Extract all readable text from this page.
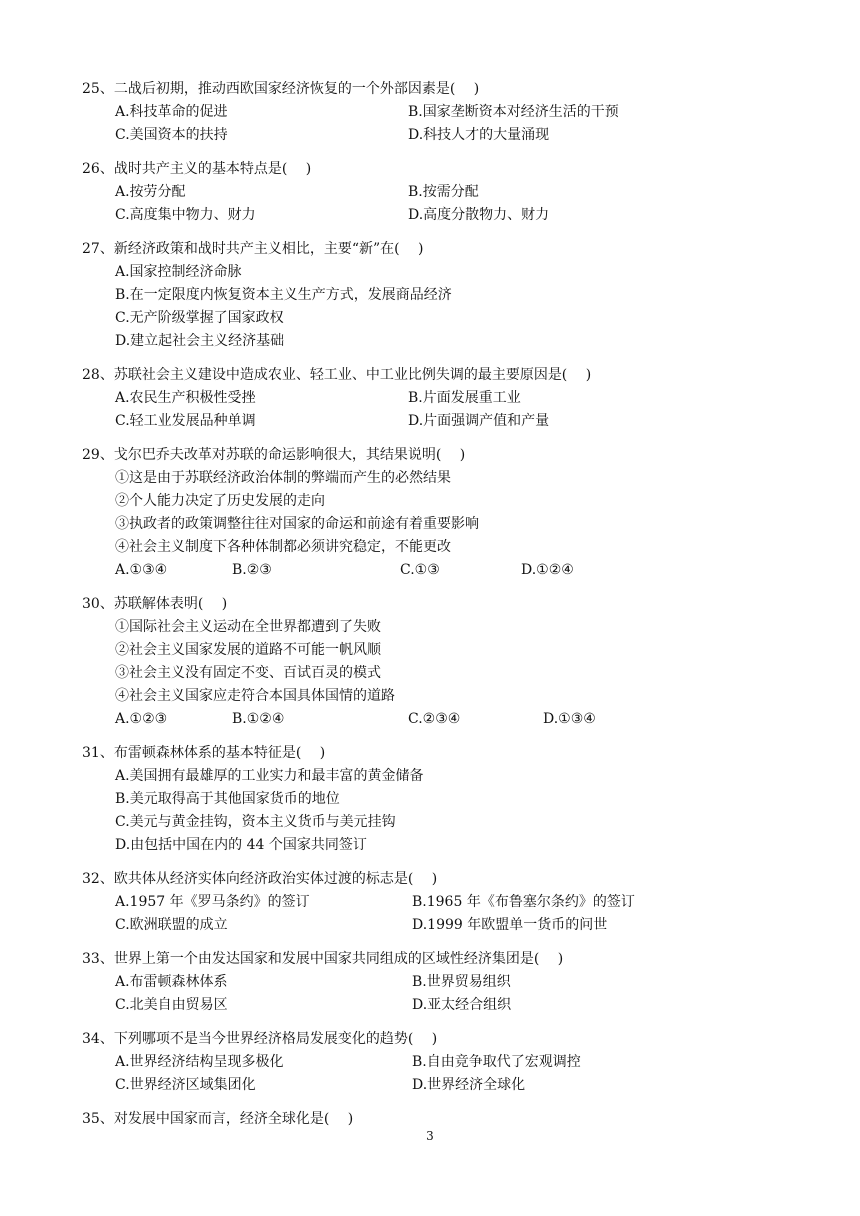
25、二战后初期，推动西欧国家经济恢复的一个外部因素是(　 )
A.科技革命的促进	B.国家垄断资本对经济生活的干预
C.美国资本的扶持	D.科技人才的大量涌现
26、战时共产主义的基本特点是(　 )
A.按劳分配	B.按需分配
C.高度集中物力、财力	D.高度分散物力、财力
27、新经济政策和战时共产主义相比，主要“新”在(　 )
A.国家控制经济命脉
B.在一定限度内恢复资本主义生产方式，发展商品经济
C.无产阶级掌握了国家政权
D.建立起社会主义经济基础
28、苏联社会主义建设中造成农业、轻工业、中工业比例失调的最主要原因是(　 )
A.农民生产积极性受挫	B.片面发展重工业
C.轻工业发展品种单调	D.片面强调产值和产量
29、戈尔巴乔夫改革对苏联的命运影响很大，其结果说明(　 )
①这是由于苏联经济政治体制的弊端而产生的必然结果
②个人能力决定了历史发展的走向
③执政者的政策调整往往对国家的命运和前途有着重要影响
④社会主义制度下各种体制都必须讲究稳定，不能更改
A.①③④	B.②③	C.①③	D.①②④
30、苏联解体表明(　 )
①国际社会主义运动在全世界都遭到了失败
②社会主义国家发展的道路不可能一帆风顺
③社会主义没有固定不变、百试百灵的模式
④社会主义国家应走符合本国具体国情的道路
A.①②③	B.①②④	C.②③④	D.①③④
31、布雷顿森林体系的基本特征是(　 )
A.美国拥有最雄厚的工业实力和最丰富的黄金储备
B.美元取得高于其他国家货币的地位
C.美元与黄金挂钩，资本主义货币与美元挂钩
D.由包括中国在内的 44 个国家共同签订
32、欧共体从经济实体向经济政治实体过渡的标志是(　 )
A.1957 年《罗马条约》的签订	B.1965 年《布鲁塞尔条约》的签订
C.欧洲联盟的成立	D.1999 年欧盟单一货币的问世
33、世界上第一个由发达国家和发展中国家共同组成的区域性经济集团是(　 )
A.布雷顿森林体系	B.世界贸易组织
C.北美自由贸易区	D.亚太经合组织
34、下列哪项不是当今世界经济格局发展变化的趋势(　 )
A.世界经济结构呈现多极化	B.自由竞争取代了宏观调控
C.世界经济区域集团化	D.世界经济全球化
35、对发展中国家而言，经济全球化是(　 )
3
